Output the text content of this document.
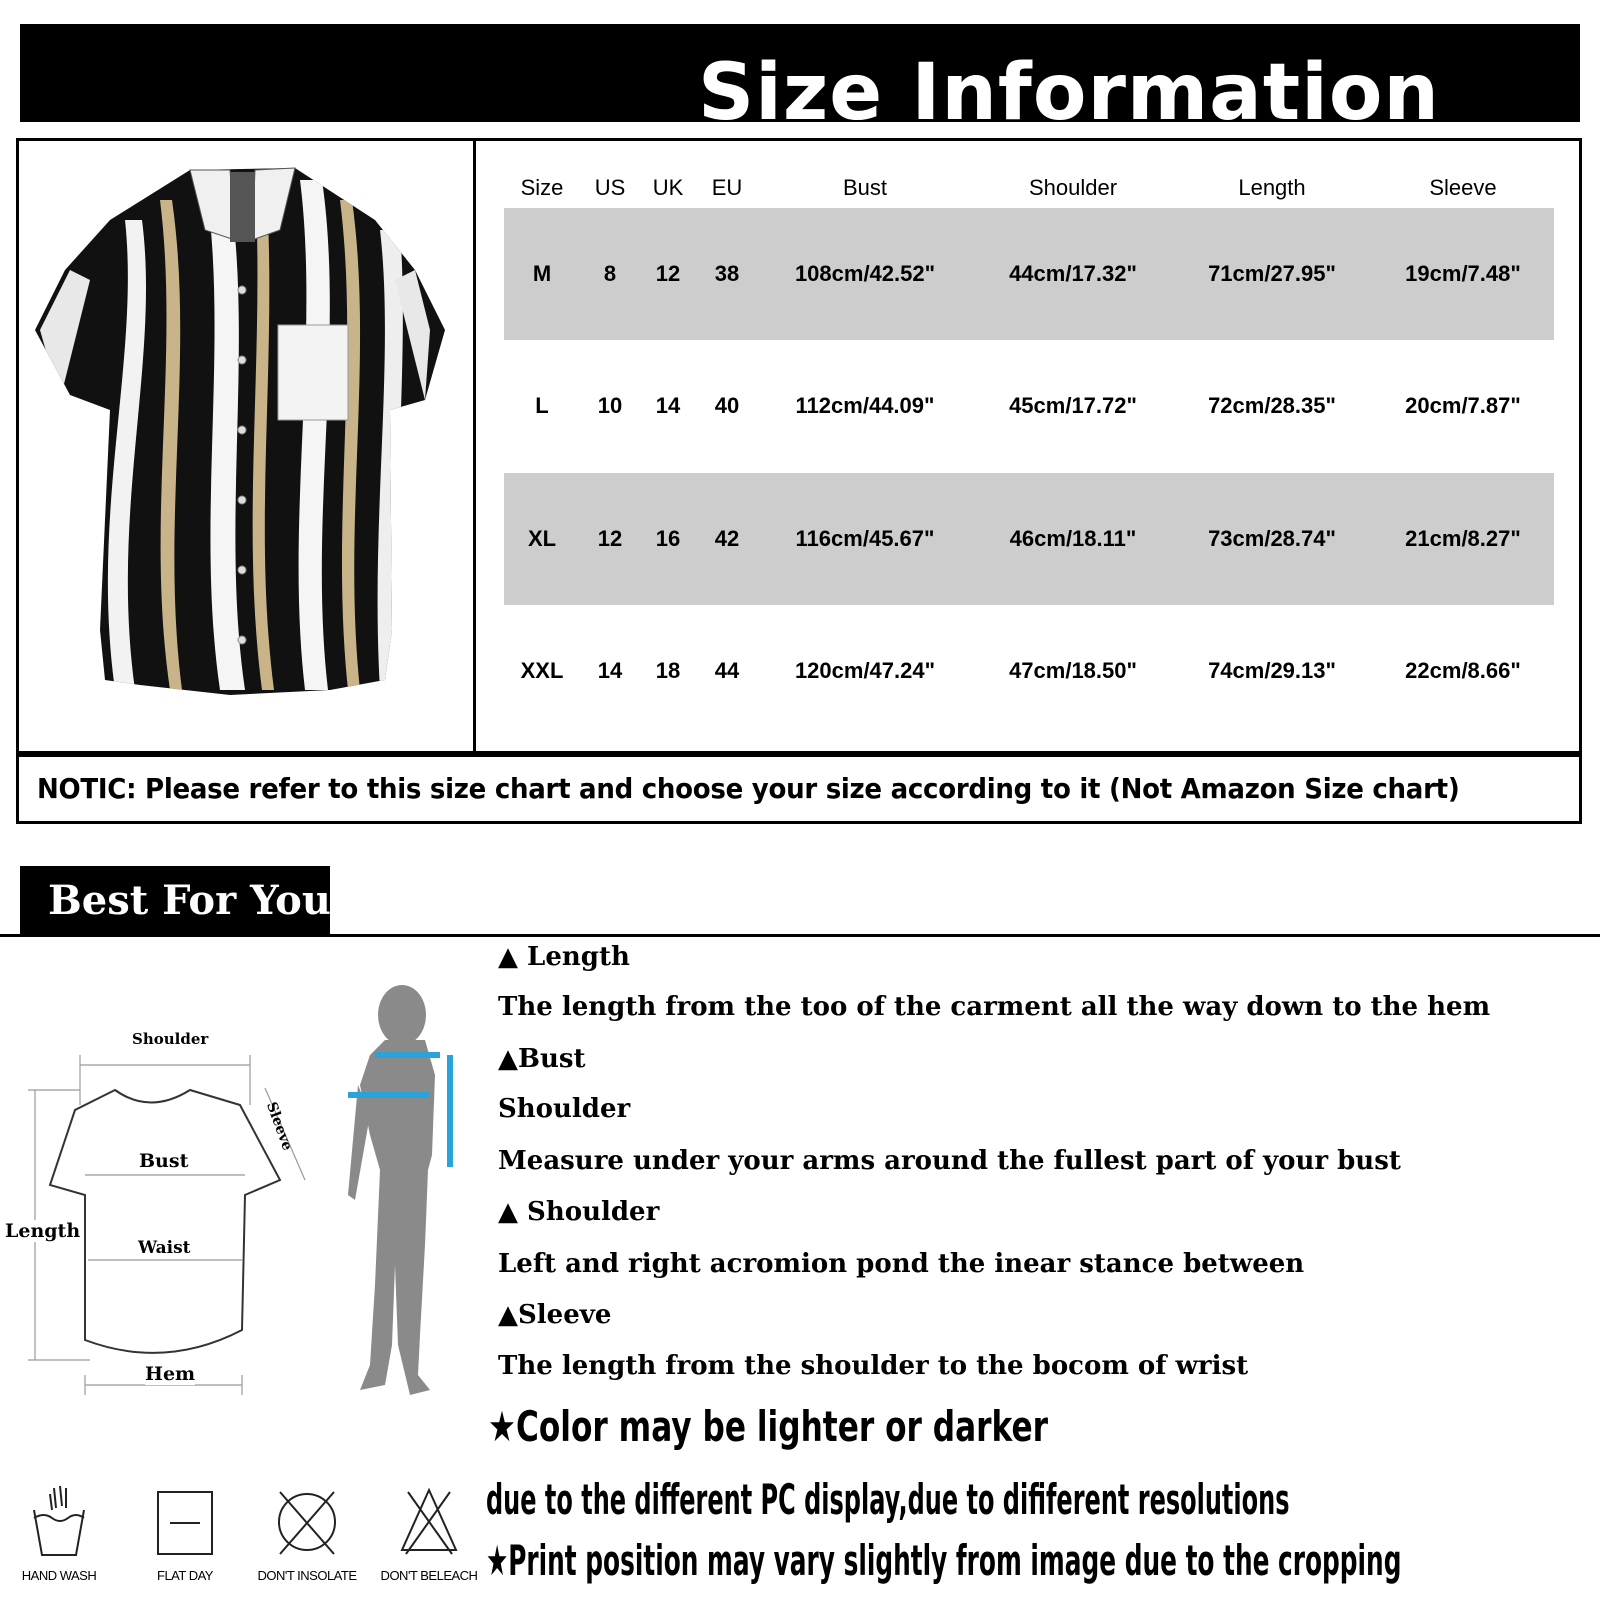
Size Information
Size US UK EU	Bust	Shoulder	Length	Sleeve
M 8 12 38	108cm/42.52"	44cm/17.32"	71cm/27.95"	19cm/7.48"
L 10 14 40	112cm/44.09"	45cm/17.72"	72cm/28.35"	20cm/7.87"
XL 12 16 42	116cm/45.67"	46cm/18.11"	73cm/28.74"	21cm/8.27"
XXL 14 18 44	120cm/47.24"	47cm/18.50"	74cm/29.13"	22cm/8.66"
NOTIC: Please refer to this size chart and choose your size according to it (Not Amazon Size chart)
Best For You
Shoulder
Sleeve
Bust
Length
Waist
Hem
▲ Length
The length from the too of the carment all the way down to the hem
▲Bust
Shoulder
Measure under your arms around the fullest part of your bust
▲ Shoulder
Left and right acromion pond the inear stance between
▲Sleeve
The length from the shoulder to the bocom of wrist
★Color may be lighter or darker
due to the different PC display,due to dififerent resolutions
★Print position may vary slightly from image due to the cropping
HAND WASH	FLAT DAY	DON'T INSOLATE DON'T BELEACH
